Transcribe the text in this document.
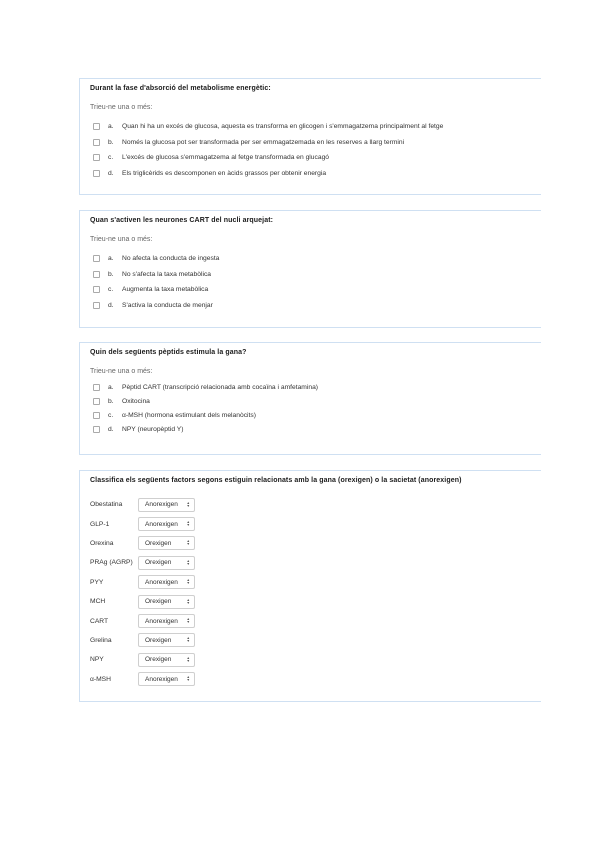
Durant la fase d'absorció del metabolisme energètic:
Trieu-ne una o més:
a.	Quan hi ha un excés de glucosa, aquesta es transforma en glicogen i s'emmagatzema principalment al fetge
b.	Només la glucosa pot ser transformada per ser emmagatzemada en les reserves a llarg termini
c.	L'excés de glucosa s'emmagatzema al fetge transformada en glucagó
d.	Els triglicèrids es descomponen en àcids grassos per obtenir energia
Quan s'activen les neurones CART del nucli arquejat:
Trieu-ne una o més:
a.	No afecta la conducta de ingesta
b.	No s'afecta la taxa metabòlica
c.	Augmenta la taxa metabòlica
d.	S'activa la conducta de menjar
Quin dels següents pèptids estimula la gana?
Trieu-ne una o més:
a.	Pèptid CART (transcripció relacionada amb cocaïna i amfetamina)
b.	Oxitocina
c.	α-MSH (hormona estimulant dels melanòcits)
d.	NPY (neuropèptid Y)
Classifica els següents factors segons estiguin relacionats amb la gana (orexigen) o la sacietat (anorexigen)
Obestatina	Anorexigen ▲
▼
GLP-1	Anorexigen ▲
▼
Orexina	Orexigen	▲
▼
PRAg (AGRP)	Orexigen	▲
▼
PYY	Anorexigen ▲
▼
MCH	Orexigen	▲
▼
CART	Anorexigen ▲
▼
Grelina	Orexigen	▲
▼
NPY	Orexigen	▲
▼
α-MSH	Anorexigen ▲
▼
